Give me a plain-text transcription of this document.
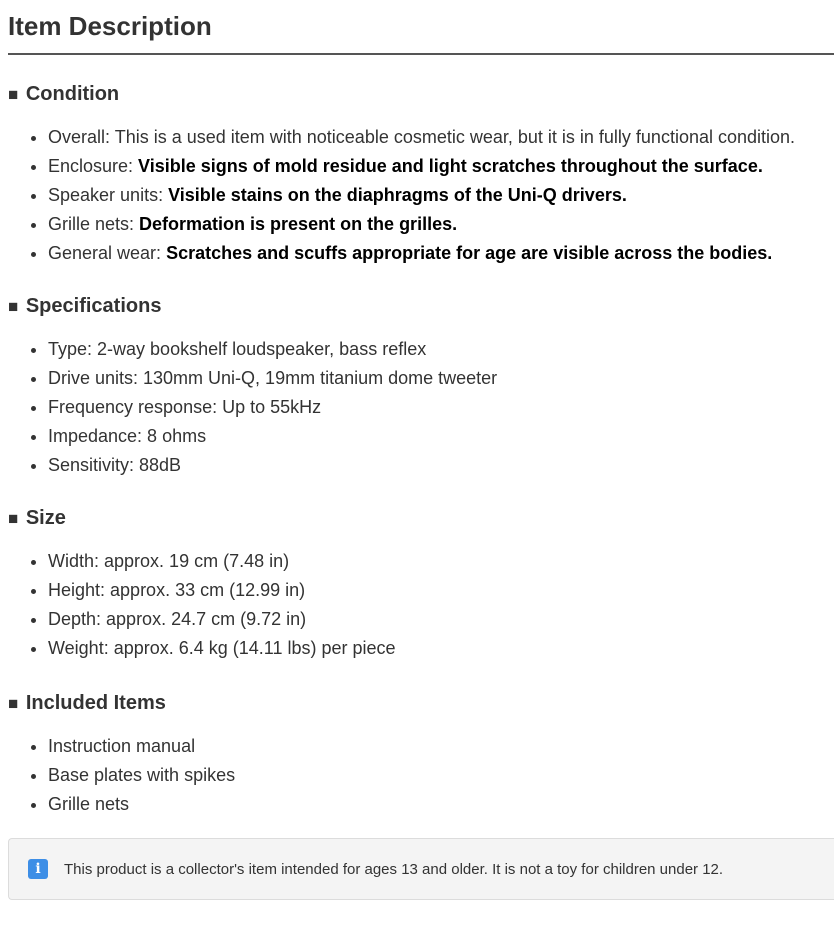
Item Description
■ Condition
• Overall: This is a used item with noticeable cosmetic wear, but it is in fully functional condition.
• Enclosure: Visible signs of mold residue and light scratches throughout the surface.
• Speaker units: Visible stains on the diaphragms of the Uni-Q drivers.
• Grille nets: Deformation is present on the grilles.
• General wear: Scratches and scuffs appropriate for age are visible across the bodies.
■ Specifications
• Type: 2-way bookshelf loudspeaker, bass reflex
• Drive units: 130mm Uni-Q, 19mm titanium dome tweeter
• Frequency response: Up to 55kHz
• Impedance: 8 ohms
• Sensitivity: 88dB
■ Size
• Width: approx. 19 cm (7.48 in)
• Height: approx. 33 cm (12.99 in)
• Depth: approx. 24.7 cm (9.72 in)
• Weight: approx. 6.4 kg (14.11 lbs) per piece
■ Included Items
• Instruction manual
• Base plates with spikes
• Grille nets
i	This product is a collector's item intended for ages 13 and older. It is not a toy for children under 12.
